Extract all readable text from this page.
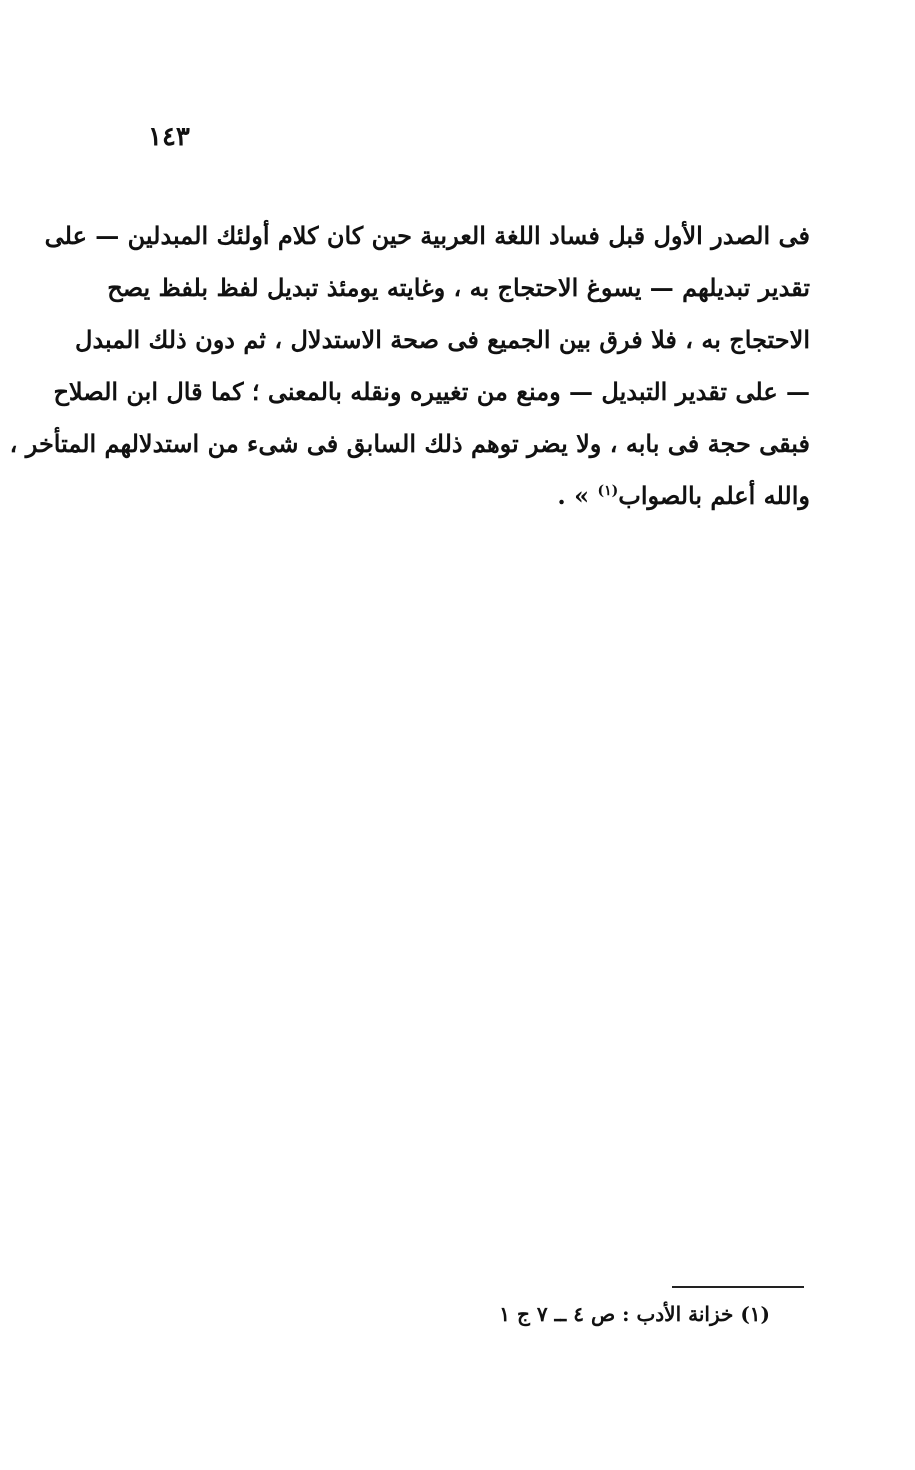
١٤٣
فى الصدر الأول قبل فساد اللغة العربية حين كان كلام أولئك المبدلين — على
تقدير تبديلهم — يسوغ الاحتجاج به ، وغايته يومئذ تبديل لفظ بلفظ يصح
الاحتجاج به ، فلا فرق بين الجميع فى صحة الاستدلال ، ثم دون ذلك المبدل
— على تقدير التبديل — ومنع من تغييره ونقله بالمعنى ؛ كما قال ابن الصلاح
فبقى حجة فى بابه ، ولا يضر توهم ذلك السابق فى شىء من استدلالهم المتأخر ،
والله أعلم بالصواب$^{(١)}$ » .
(١) خزانة الأدب : ص ٤ ــ ٧ ج ١
